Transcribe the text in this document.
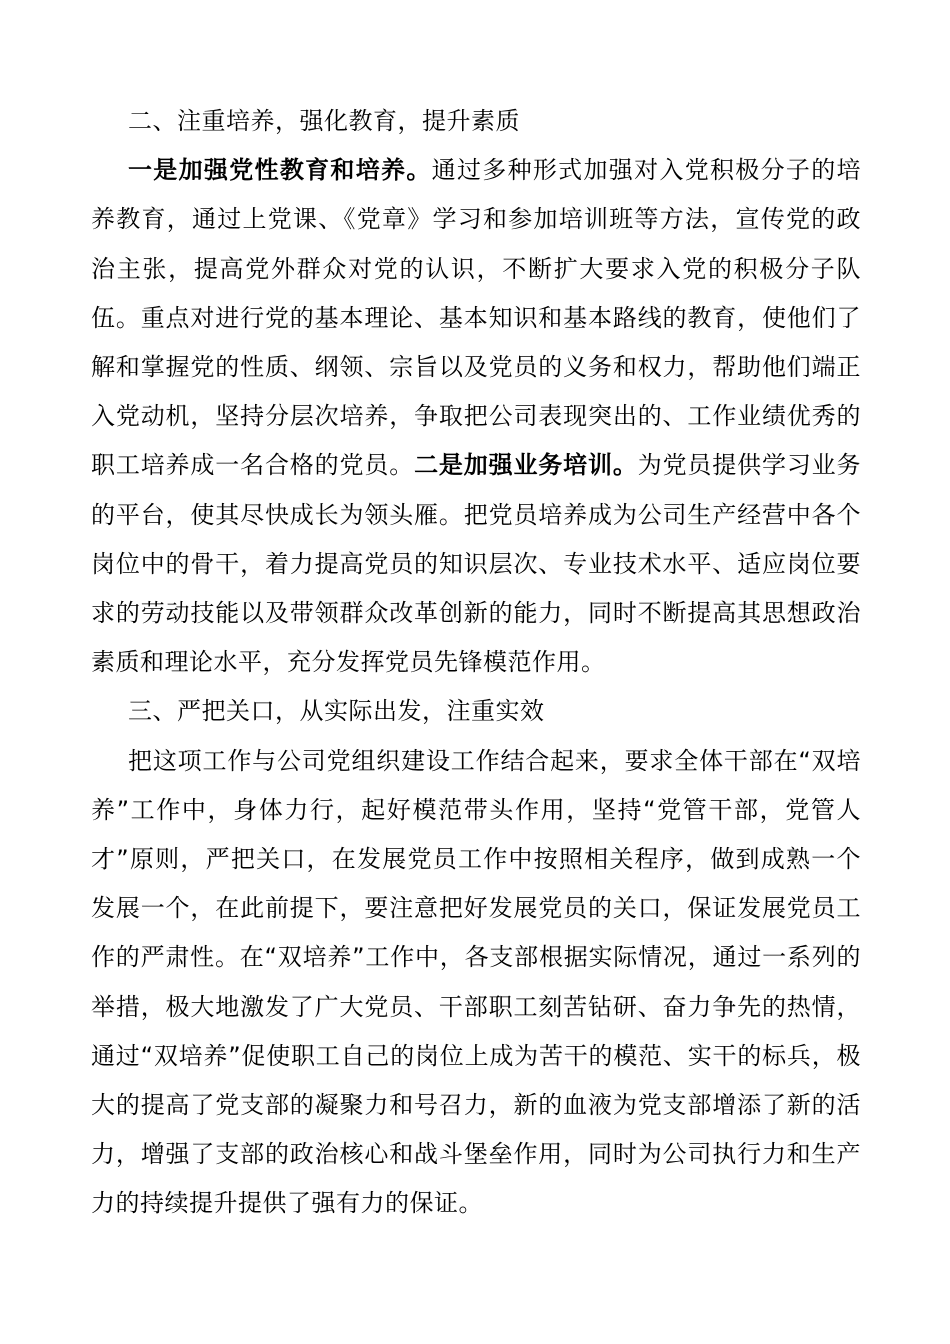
二、注重培养，强化教育，提升素质

一是加强党性教育和培养。通过多种形式加强对入党积极分子的培养教育，通过上党课、《党章》学习和参加培训班等方法，宣传党的政治主张，提高党外群众对党的认识，不断扩大要求入党的积极分子队伍。重点对进行党的基本理论、基本知识和基本路线的教育，使他们了解和掌握党的性质、纲领、宗旨以及党员的义务和权力，帮助他们端正入党动机，坚持分层次培养，争取把公司表现突出的、工作业绩优秀的职工培养成一名合格的党员。二是加强业务培训。为党员提供学习业务的平台，使其尽快成长为领头雁。把党员培养成为公司生产经营中各个岗位中的骨干，着力提高党员的知识层次、专业技术水平、适应岗位要求的劳动技能以及带领群众改革创新的能力，同时不断提高其思想政治素质和理论水平，充分发挥党员先锋模范作用。

三、严把关口，从实际出发，注重实效

把这项工作与公司党组织建设工作结合起来，要求全体干部在“双培养”工作中，身体力行，起好模范带头作用，坚持“党管干部，党管人才”原则，严把关口，在发展党员工作中按照相关程序，做到成熟一个发展一个，在此前提下，要注意把好发展党员的关口，保证发展党员工作的严肃性。在“双培养”工作中，各支部根据实际情况，通过一系列的举措，极大地激发了广大党员、干部职工刻苦钻研、奋力争先的热情，通过“双培养”促使职工自己的岗位上成为苦干的模范、实干的标兵，极大的提高了党支部的凝聚力和号召力，新的血液为党支部增添了新的活力，增强了支部的政治核心和战斗堡垒作用，同时为公司执行力和生产力的持续提升提供了强有力的保证。
